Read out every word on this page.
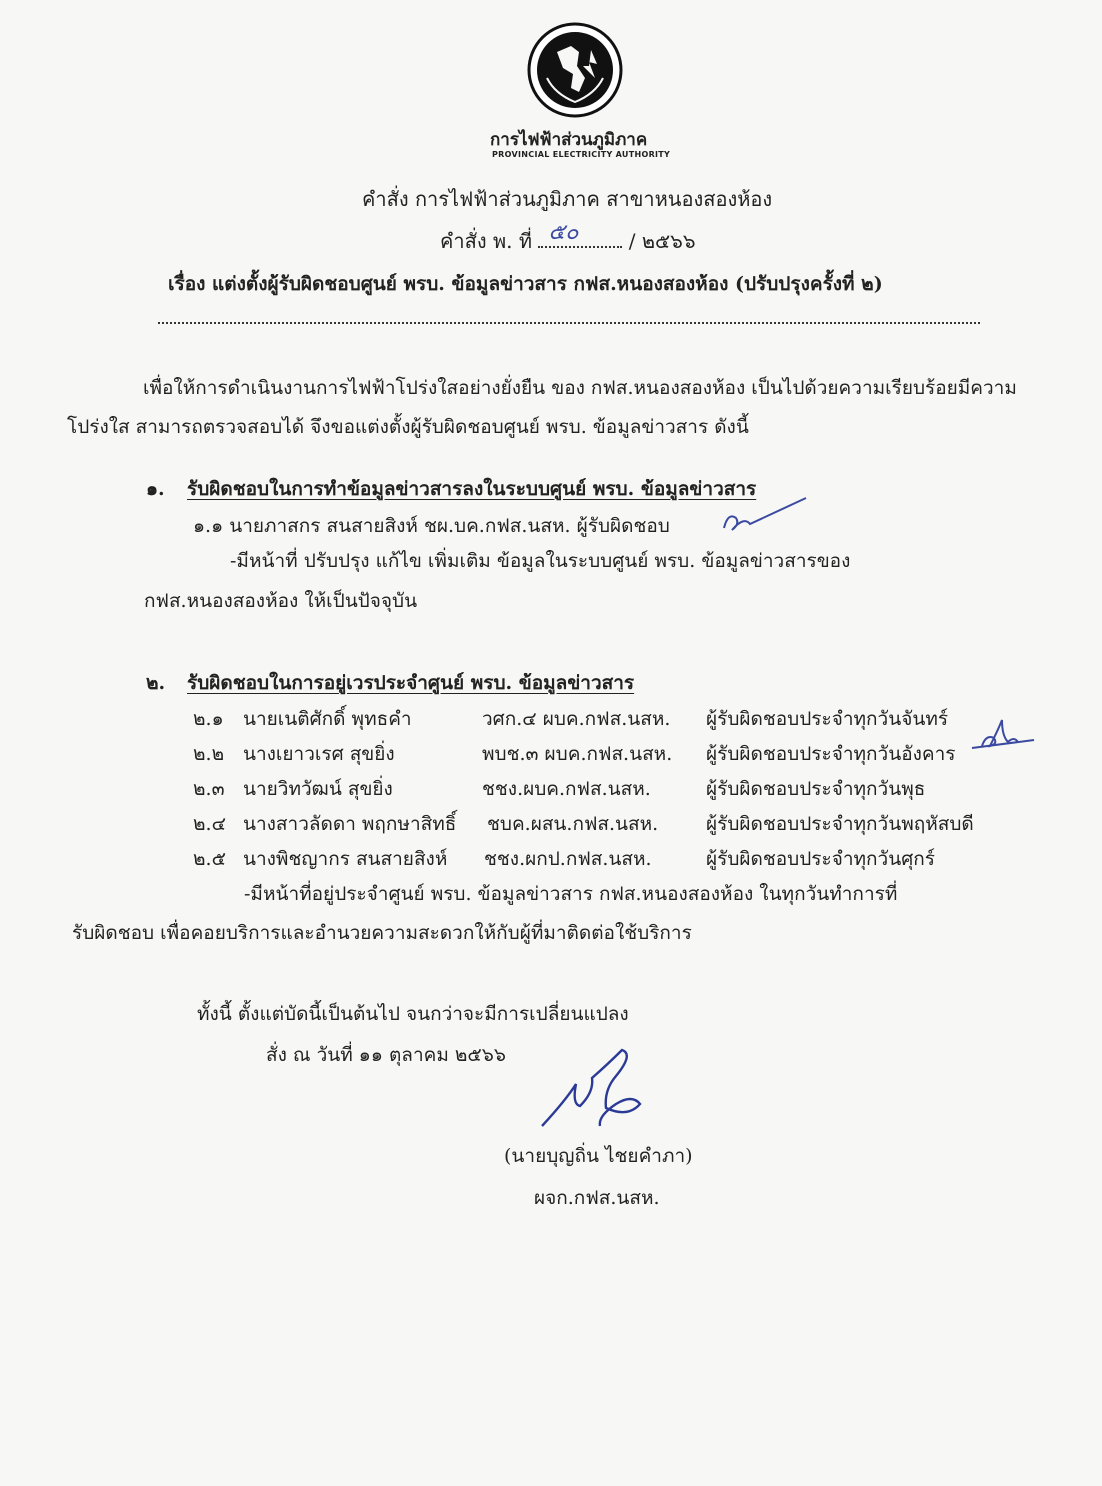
การไฟฟ้าส่วนภูมิภาค
PROVINCIAL ELECTRICITY AUTHORITY
คำสั่ง การไฟฟ้าส่วนภูมิภาค สาขาหนองสองห้อง
คำสั่ง พ. ที่ ๕๐	/ ๒๕๖๖
เรื่อง แต่งตั้งผู้รับผิดชอบศูนย์ พรบ. ข้อมูลข่าวสาร กฟส.หนองสองห้อง (ปรับปรุงครั้งที่ ๒)
เพื่อให้การดำเนินงานการไฟฟ้าโปร่งใสอย่างยั่งยืน ของ กฟส.หนองสองห้อง เป็นไปด้วยความเรียบร้อยมีความ
โปร่งใส สามารถตรวจสอบได้ จึงขอแต่งตั้งผู้รับผิดชอบศูนย์ พรบ. ข้อมูลข่าวสาร ดังนี้
๑. รับผิดชอบในการทำข้อมูลข่าวสารลงในระบบศูนย์ พรบ. ข้อมูลข่าวสาร
๑.๑ นายภาสกร สนสายสิงห์ ชผ.บค.กฟส.นสห. ผู้รับผิดชอบ
-มีหน้าที่ ปรับปรุง แก้ไข เพิ่มเติม ข้อมูลในระบบศูนย์ พรบ. ข้อมูลข่าวสารของ
กฟส.หนองสองห้อง ให้เป็นปัจจุบัน
๒. รับผิดชอบในการอยู่เวรประจำศูนย์ พรบ. ข้อมูลข่าวสาร
๒.๑ นายเนติศักดิ์ พุทธคำ	วศก.๔ ผบค.กฟส.นสห. ผู้รับผิดชอบประจำทุกวันจันทร์
๒.๒ นางเยาวเรศ สุขยิ่ง	พบช.๓ ผบค.กฟส.นสห. ผู้รับผิดชอบประจำทุกวันอังคาร
๒.๓ นายวิทวัฒน์ สุขยิ่ง	ชชง.ผบค.กฟส.นสห.	ผู้รับผิดชอบประจำทุกวันพุธ
๒.๔ นางสาวลัดดา พฤกษาสิทธิ์ ชบค.ผสน.กฟส.นสห.	ผู้รับผิดชอบประจำทุกวันพฤหัสบดี
๒.๕ นางพิชญากร สนสายสิงห์ ชชง.ผกป.กฟส.นสห.	ผู้รับผิดชอบประจำทุกวันศุกร์
-มีหน้าที่อยู่ประจำศูนย์ พรบ. ข้อมูลข่าวสาร กฟส.หนองสองห้อง ในทุกวันทำการที่
รับผิดชอบ เพื่อคอยบริการและอำนวยความสะดวกให้กับผู้ที่มาติดต่อใช้บริการ
ทั้งนี้ ตั้งแต่บัดนี้เป็นต้นไป จนกว่าจะมีการเปลี่ยนแปลง
สั่ง ณ วันที่ ๑๑ ตุลาคม ๒๕๖๖
(นายบุญถิ่น ไชยคำภา)
ผจก.กฟส.นสห.
